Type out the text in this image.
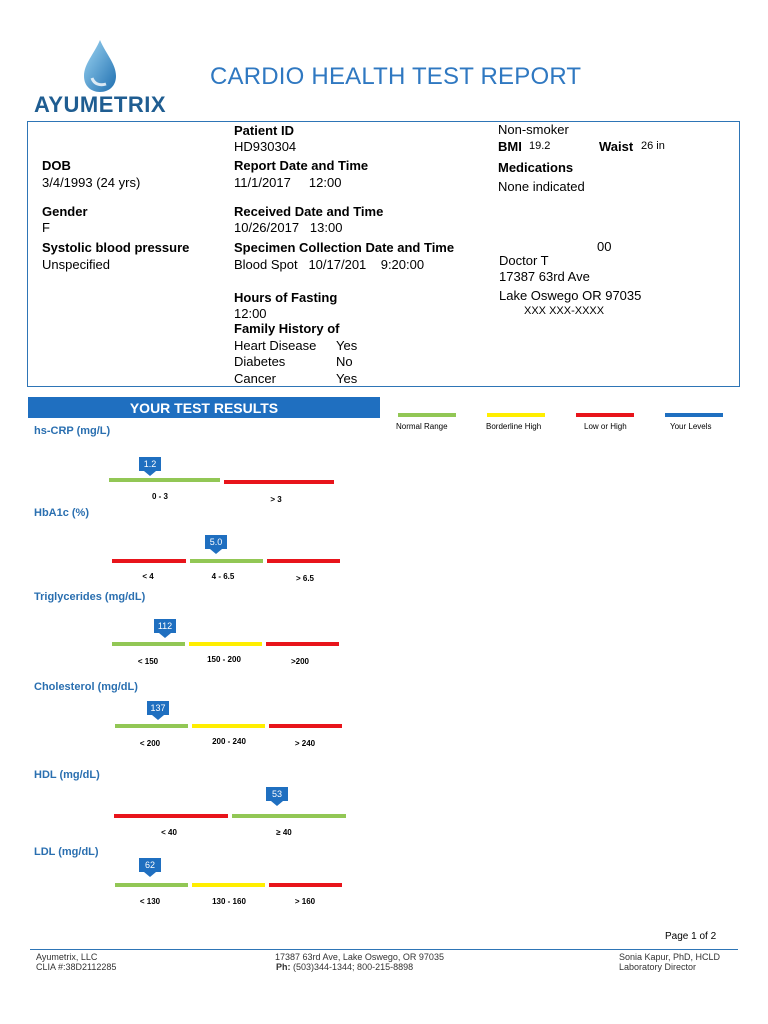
AYUMETRIX
CARDIO HEALTH TEST REPORT
Patient ID
HD930304
DOB
3/4/1993 (24 yrs)
Gender
F
Systolic blood pressure
Unspecified
Report Date and Time
11/1/2017     12:00
Received Date and Time
10/26/2017   13:00
Specimen Collection Date and Time
Blood Spot   10/17/201    9:20:00
Hours of Fasting
12:00
Family History of
Heart Disease Yes
Diabetes	No
Cancer	Yes
Non-smoker
BMI 19.2	Waist 26 in
Medications
None indicated
00
Doctor T
17387 63rd Ave
Lake Oswego OR 97035
XXX XXX-XXXX
YOUR TEST RESULTS
Normal Range	Borderline High	Low or High	Your Levels
hs-CRP (mg/L)
1.2
0 - 3	> 3
HbA1c (%)
5.0
< 4	4 - 6.5	> 6.5
Triglycerides (mg/dL)
112
< 150	150 - 200	>200
Cholesterol (mg/dL)
137
< 200	200 - 240	> 240
HDL (mg/dL)
53
< 40	≥ 40
LDL (mg/dL)
62
< 130	130 - 160	> 160
Page 1 of 2
Ayumetrix, LLC
CLIA #:38D2112285
17387 63rd Ave, Lake Oswego, OR 97035
Ph: (503)344-1344; 800-215-8898
Sonia Kapur, PhD, HCLD
Laboratory Director
